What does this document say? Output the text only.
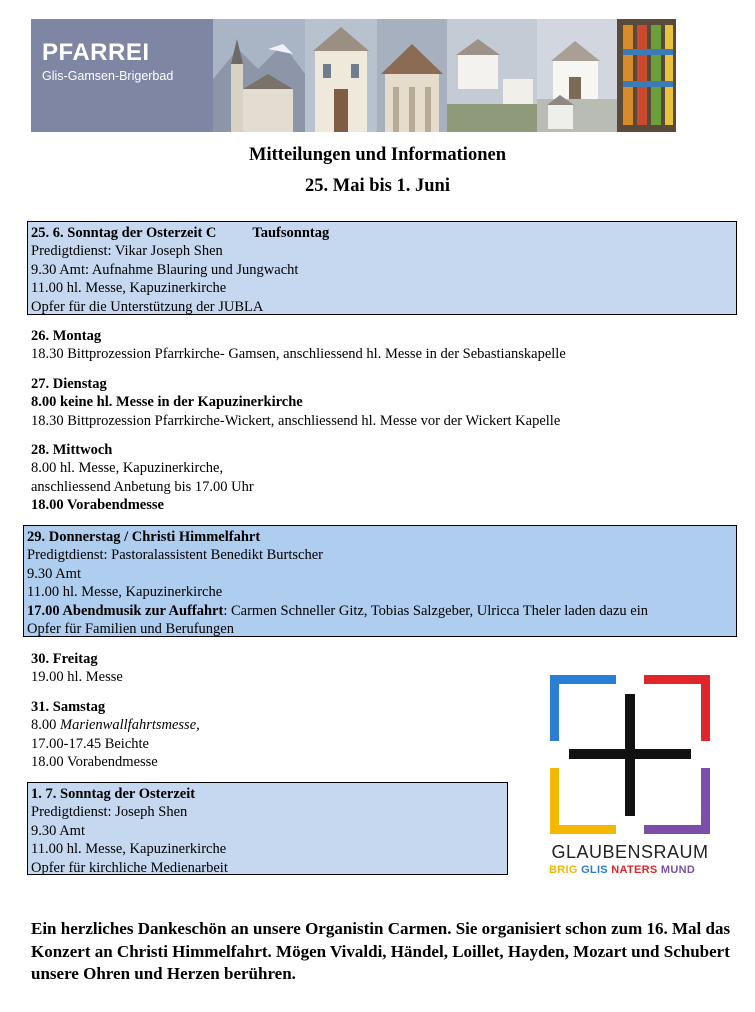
PFARREI
Glis-Gamsen-Brigerbad
Mitteilungen und Informationen
25. Mai bis 1. Juni
25. 6. Sonntag der Osterzeit C Taufsonntag
Predigtdienst: Vikar Joseph Shen
9.30 Amt: Aufnahme Blauring und Jungwacht
11.00 hl. Messe, Kapuzinerkirche
Opfer für die Unterstützung der JUBLA
26. Montag
18.30 Bittprozession Pfarrkirche- Gamsen, anschliessend hl. Messe in der Sebastianskapelle
27. Dienstag
8.00 keine hl. Messe in der Kapuzinerkirche
18.30 Bittprozession Pfarrkirche-Wickert, anschliessend hl. Messe vor der Wickert Kapelle
28. Mittwoch
8.00 hl. Messe, Kapuzinerkirche,
anschliessend Anbetung bis 17.00 Uhr
18.00 Vorabendmesse
29. Donnerstag / Christi Himmelfahrt
Predigtdienst: Pastoralassistent Benedikt Burtscher
9.30 Amt
11.00 hl. Messe, Kapuzinerkirche
17.00 Abendmusik zur Auffahrt: Carmen Schneller Gitz, Tobias Salzgeber, Ulricca Theler laden dazu ein
Opfer für Familien und Berufungen
30. Freitag
19.00 hl. Messe
31. Samstag
8.00 Marienwallfahrtsmesse,
17.00-17.45 Beichte
18.00 Vorabendmesse
1. 7. Sonntag der Osterzeit
Predigtdienst: Joseph Shen
9.30 Amt
11.00 hl. Messe, Kapuzinerkirche
Opfer für kirchliche Medienarbeit
GLAUBENSRAUM
BRIG GLIS NATERS MUND
Ein herzliches Dankeschön an unsere Organistin Carmen. Sie organisiert schon zum 16. Mal das Konzert an Christi Himmelfahrt. Mögen Vivaldi, Händel, Loillet, Hayden, Mozart und Schubert unsere Ohren und Herzen berühren.
